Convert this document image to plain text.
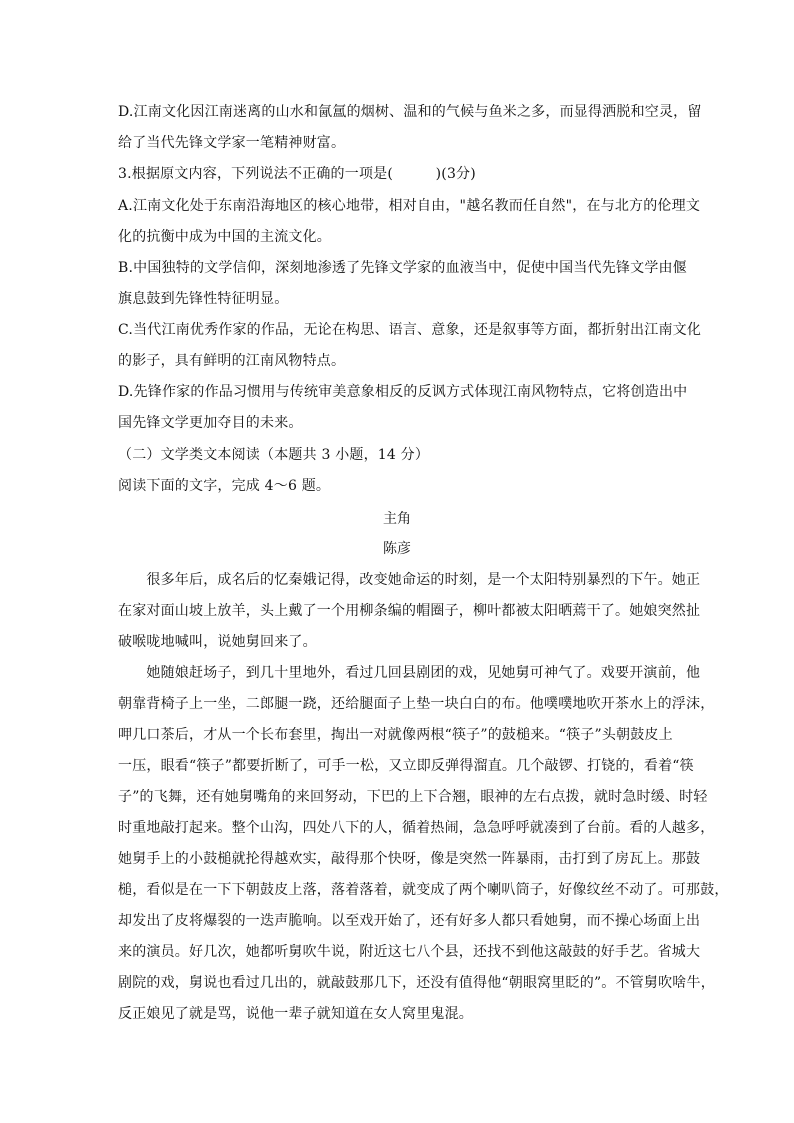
D.江南文化因江南迷离的山水和氤氲的烟树、温和的气候与鱼米之多，而显得洒脱和空灵，留
给了当代先锋文学家一笔精神财富。
3.根据原文内容，下列说法不正确的一项是(　　　)(3分)
A.江南文化处于东南沿海地区的核心地带，相对自由，"越名教而任自然"，在与北方的伦理文
化的抗衡中成为中国的主流文化。
B.中国独特的文学信仰，深刻地渗透了先锋文学家的血液当中，促使中国当代先锋文学由偃
旗息鼓到先锋性特征明显。
C.当代江南优秀作家的作品，无论在构思、语言、意象，还是叙事等方面，都折射出江南文化
的影子，具有鲜明的江南风物特点。
D.先锋作家的作品习惯用与传统审美意象相反的反讽方式体现江南风物特点，它将创造出中
国先锋文学更加夺目的未来。
（二）文学类文本阅读（本题共 3 小题，14 分）
阅读下面的文字，完成 4～6 题。
主角
陈彦
　　很多年后，成名后的忆秦娥记得，改变她命运的时刻，是一个太阳特别暴烈的下午。她正
在家对面山坡上放羊，头上戴了一个用柳条编的帽圈子，柳叶都被太阳晒蔫干了。她娘突然扯
破喉咙地喊叫，说她舅回来了。
　　她随娘赶场子，到几十里地外，看过几回县剧团的戏，见她舅可神气了。戏要开演前，他
朝靠背椅子上一坐，二郎腿一跷，还给腿面子上垫一块白白的布。他噗噗地吹开茶水上的浮沫，
呷几口茶后，才从一个长布套里，掏出一对就像两根“筷子”的鼓槌来。“筷子”头朝鼓皮上
一压，眼看“筷子”都要折断了，可手一松，又立即反弹得溜直。几个敲锣、打铙的，看着“筷
子”的飞舞，还有她舅嘴角的来回努动，下巴的上下合翘，眼神的左右点拨，就时急时缓、时轻
时重地敲打起来。整个山沟，四处八下的人，循着热闹，急急呼呼就凑到了台前。看的人越多，
她舅手上的小鼓槌就抡得越欢实，敲得那个快呀，像是突然一阵暴雨，击打到了房瓦上。那鼓
槌，看似是在一下下朝鼓皮上落，落着落着，就变成了两个喇叭筒子，好像纹丝不动了。可那鼓，
却发出了皮将爆裂的一迭声脆响。以至戏开始了，还有好多人都只看她舅，而不操心场面上出
来的演员。好几次，她都听舅吹牛说，附近这七八个县，还找不到他这敲鼓的好手艺。省城大
剧院的戏，舅说也看过几出的，就敲鼓那几下，还没有值得他“朝眼窝里眨的”。不管舅吹啥牛，
反正娘见了就是骂，说他一辈子就知道在女人窝里鬼混。
